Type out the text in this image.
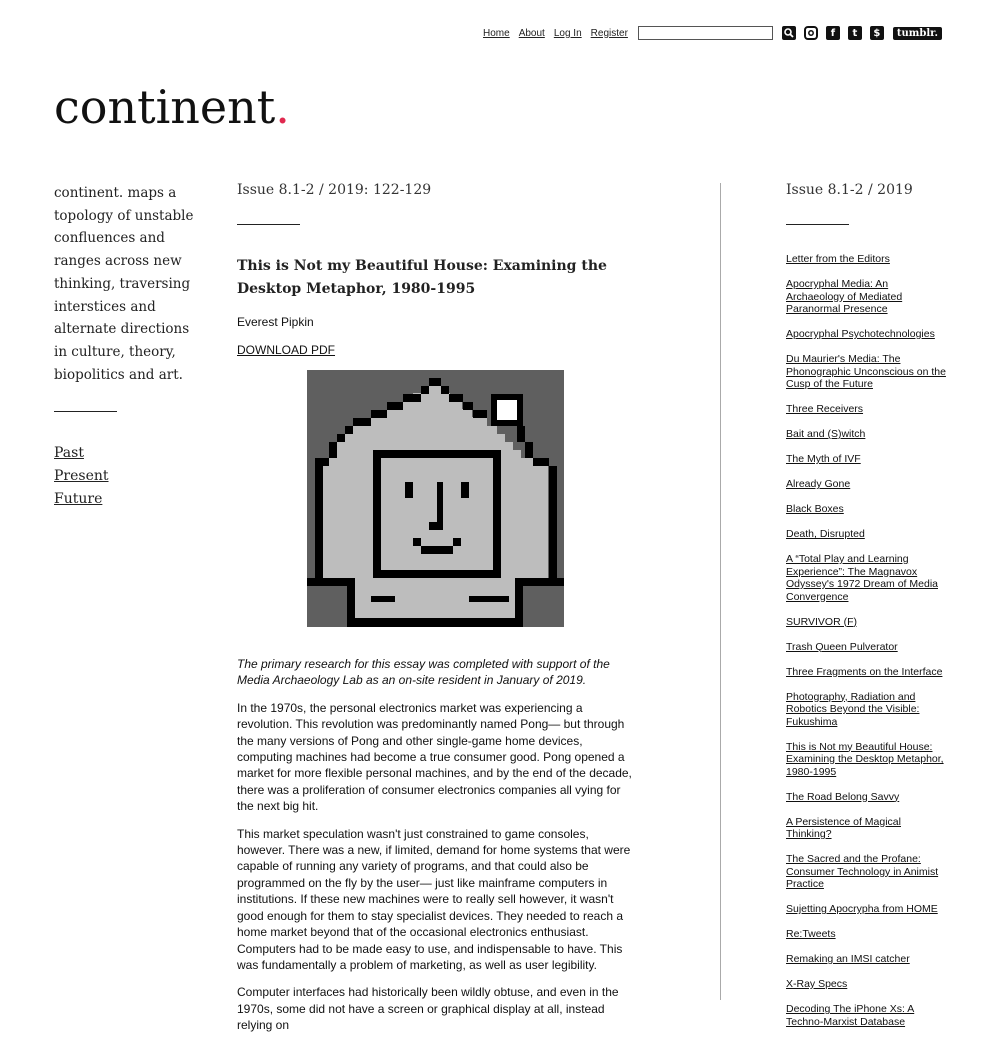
Home About Log In Register	f	t	$	tumblr.
continent.

continent. maps a topology of unstable confluences and ranges across new thinking, traversing interstices and alternate directions in culture, theory, biopolitics and art.

Past
Present
Future
Issue 8.1-2 / 2019: 122-129
This is Not my Beautiful House: Examining the Desktop Metaphor, 1980-1995
Everest Pipkin
DOWNLOAD PDF

The primary research for this essay was completed with support of the Media Archaeology Lab as an on-site resident in January of 2019.

In the 1970s, the personal electronics market was experiencing a revolution. This revolution was predominantly named Pong— but through the many versions of Pong and other single-game home devices, computing machines had become a true consumer good. Pong opened a market for more flexible personal machines, and by the end of the decade, there was a proliferation of consumer electronics companies all vying for the next big hit.

This market speculation wasn't just constrained to game consoles, however. There was a new, if limited, demand for home systems that were capable of running any variety of programs, and that could also be programmed on the fly by the user— just like mainframe computers in institutions. If these new machines were to really sell however, it wasn't good enough for them to stay specialist devices. They needed to reach a home market beyond that of the occasional electronics enthusiast. Computers had to be made easy to use, and indispensable to have. This was fundamentally a problem of marketing, as well as user legibility.

Computer interfaces had historically been wildly obtuse, and even in the 1970s, some did not have a screen or graphical display at all, instead relying on

Issue 8.1-2 / 2019
Letter from the Editors
Apocryphal Media: An Archaeology of Mediated Paranormal Presence
Apocryphal Psychotechnologies
Du Maurier's Media: The Phonographic Unconscious on the Cusp of the Future
Three Receivers
Bait and (S)witch
The Myth of IVF
Already Gone
Black Boxes
Death, Disrupted
A “Total Play and Learning Experience”: The Magnavox Odyssey's 1972 Dream of Media Convergence
SURVIVOR (F)
Trash Queen Pulverator
Three Fragments on the Interface
Photography, Radiation and Robotics Beyond the Visible: Fukushima
This is Not my Beautiful House: Examining the Desktop Metaphor, 1980-1995
The Road Belong Savvy
A Persistence of Magical Thinking?
The Sacred and the Profane: Consumer Technology in Animist Practice
Sujetting Apocrypha from HOME
Re:Tweets
Remaking an IMSI catcher
X-Ray Specs
Decoding The iPhone Xs: A Techno-Marxist Database
